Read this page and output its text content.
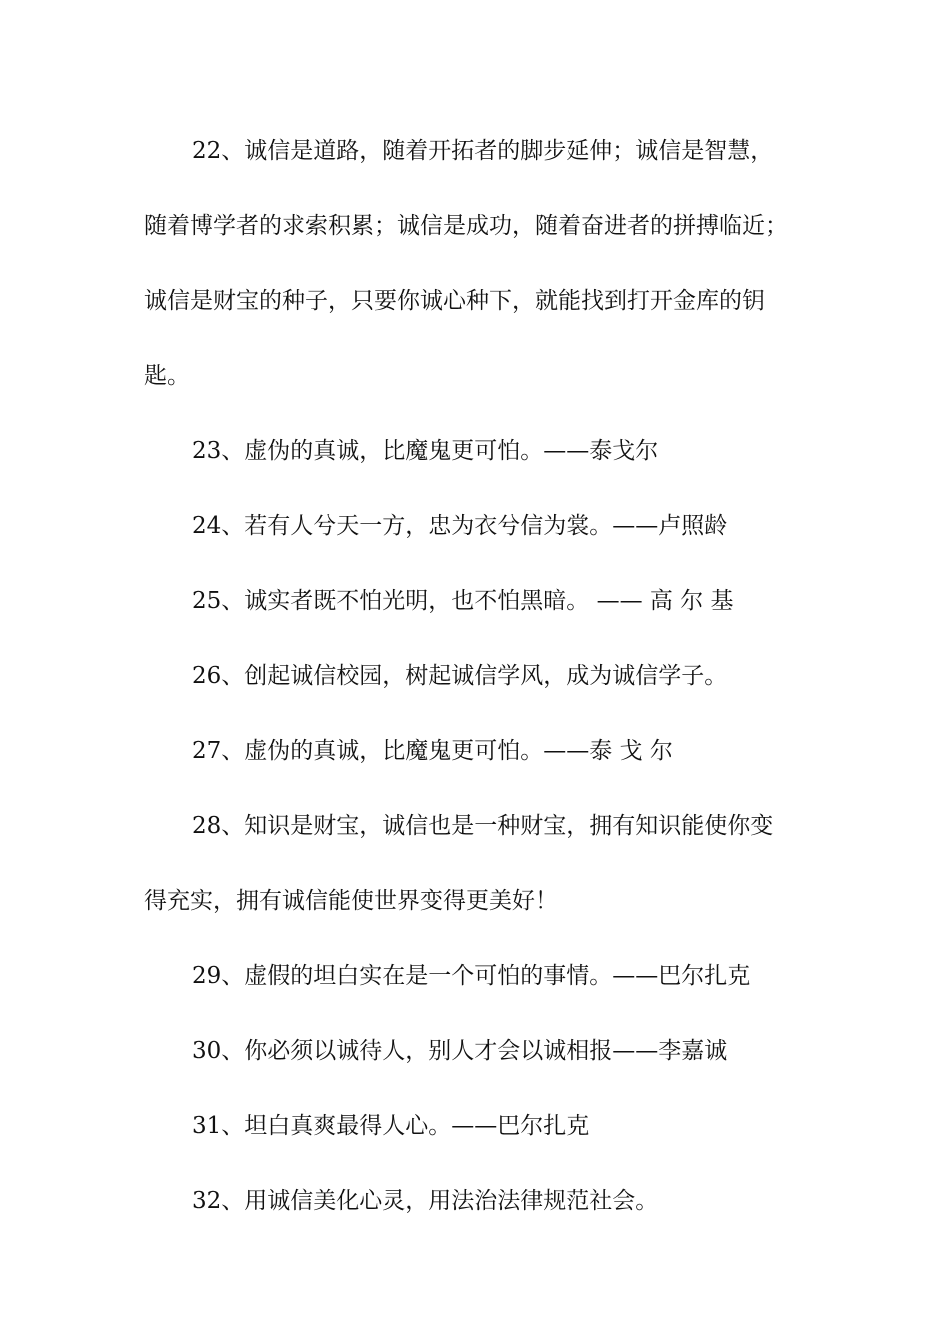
22、诚信是道路，随着开拓者的脚步延伸；诚信是智慧，
随着博学者的求索积累；诚信是成功，随着奋进者的拼搏临近；
诚信是财宝的种子，只要你诚心种下，就能找到打开金库的钥
匙。
23、虚伪的真诚，比魔鬼更可怕。——泰戈尔
24、若有人兮天一方，忠为衣兮信为裳。——卢照龄
25、诚实者既不怕光明，也不怕黑暗。 —— 高 尔 基
26、创起诚信校园，树起诚信学风，成为诚信学子。
27、虚伪的真诚，比魔鬼更可怕。——泰 戈 尔
28、知识是财宝，诚信也是一种财宝，拥有知识能使你变
得充实，拥有诚信能使世界变得更美好！
29、虚假的坦白实在是一个可怕的事情。——巴尔扎克
30、你必须以诚待人，别人才会以诚相报——李嘉诚
31、坦白真爽最得人心。——巴尔扎克
32、用诚信美化心灵，用法治法律规范社会。
